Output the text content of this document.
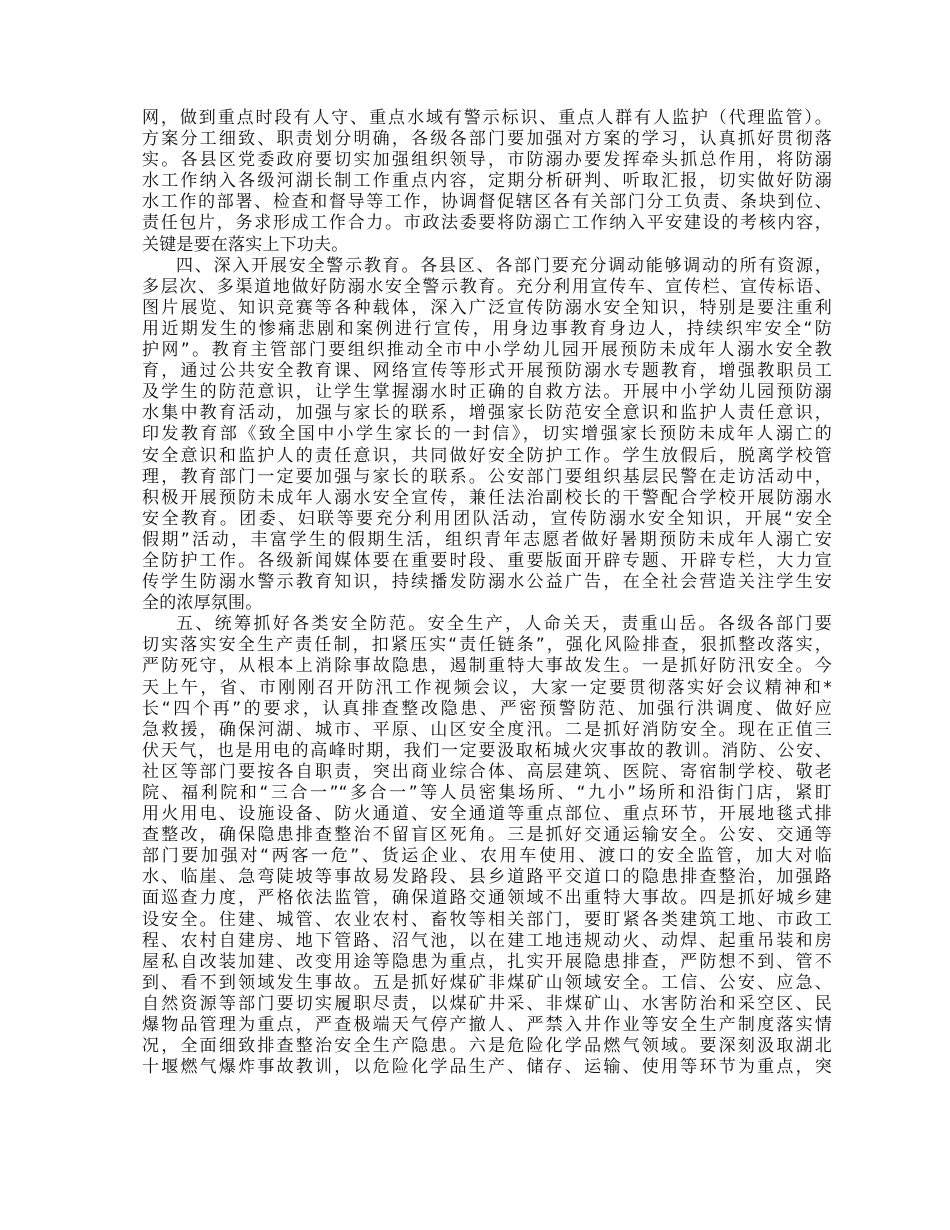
网，做到重点时段有人守、重点水域有警示标识、重点人群有人监护（代理监管）。
方案分工细致、职责划分明确，各级各部门要加强对方案的学习，认真抓好贯彻落
实。各县区党委政府要切实加强组织领导，市防溺办要发挥牵头抓总作用，将防溺
水工作纳入各级河湖长制工作重点内容，定期分析研判、听取汇报，切实做好防溺
水工作的部署、检查和督导等工作，协调督促辖区各有关部门分工负责、条块到位、
责任包片，务求形成工作合力。市政法委要将防溺亡工作纳入平安建设的考核内容，
关键是要在落实上下功夫。
四、深入开展安全警示教育。各县区、各部门要充分调动能够调动的所有资源，
多层次、多渠道地做好防溺水安全警示教育。充分利用宣传车、宣传栏、宣传标语、
图片展览、知识竞赛等各种载体，深入广泛宣传防溺水安全知识，特别是要注重利
用近期发生的惨痛悲剧和案例进行宣传，用身边事教育身边人，持续织牢安全“防
护网”。教育主管部门要组织推动全市中小学幼儿园开展预防未成年人溺水安全教
育，通过公共安全教育课、网络宣传等形式开展预防溺水专题教育，增强教职员工
及学生的防范意识，让学生掌握溺水时正确的自救方法。开展中小学幼儿园预防溺
水集中教育活动，加强与家长的联系，增强家长防范安全意识和监护人责任意识，
印发教育部《致全国中小学生家长的一封信》，切实增强家长预防未成年人溺亡的
安全意识和监护人的责任意识，共同做好安全防护工作。学生放假后，脱离学校管
理，教育部门一定要加强与家长的联系。公安部门要组织基层民警在走访活动中，
积极开展预防未成年人溺水安全宣传，兼任法治副校长的干警配合学校开展防溺水
安全教育。团委、妇联等要充分利用团队活动，宣传防溺水安全知识，开展“安全
假期”活动，丰富学生的假期生活，组织青年志愿者做好暑期预防未成年人溺亡安
全防护工作。各级新闻媒体要在重要时段、重要版面开辟专题、开辟专栏，大力宣
传学生防溺水警示教育知识，持续播发防溺水公益广告，在全社会营造关注学生安
全的浓厚氛围。
五、统筹抓好各类安全防范。安全生产，人命关天，责重山岳。各级各部门要
切实落实安全生产责任制，扣紧压实“责任链条”，强化风险排查，狠抓整改落实，
严防死守，从根本上消除事故隐患，遏制重特大事故发生。一是抓好防汛安全。今
天上午，省、市刚刚召开防汛工作视频会议，大家一定要贯彻落实好会议精神和*
长“四个再”的要求，认真排查整改隐患、严密预警防范、加强行洪调度、做好应
急救援，确保河湖、城市、平原、山区安全度汛。二是抓好消防安全。现在正值三
伏天气，也是用电的高峰时期，我们一定要汲取柘城火灾事故的教训。消防、公安、
社区等部门要按各自职责，突出商业综合体、高层建筑、医院、寄宿制学校、敬老
院、福利院和“三合一”“多合一”等人员密集场所、“九小”场所和沿街门店，紧盯
用火用电、设施设备、防火通道、安全通道等重点部位、重点环节，开展地毯式排
查整改，确保隐患排查整治不留盲区死角。三是抓好交通运输安全。公安、交通等
部门要加强对“两客一危”、货运企业、农用车使用、渡口的安全监管，加大对临
水、临崖、急弯陡坡等事故易发路段、县乡道路平交道口的隐患排查整治，加强路
面巡查力度，严格依法监管，确保道路交通领域不出重特大事故。四是抓好城乡建
设安全。住建、城管、农业农村、畜牧等相关部门，要盯紧各类建筑工地、市政工
程、农村自建房、地下管路、沼气池，以在建工地违规动火、动焊、起重吊装和房
屋私自改装加建、改变用途等隐患为重点，扎实开展隐患排查，严防想不到、管不
到、看不到领域发生事故。五是抓好煤矿非煤矿山领域安全。工信、公安、应急、
自然资源等部门要切实履职尽责，以煤矿井采、非煤矿山、水害防治和采空区、民
爆物品管理为重点，严查极端天气停产撤人、严禁入井作业等安全生产制度落实情
况，全面细致排查整治安全生产隐患。六是危险化学品燃气领域。要深刻汲取湖北
十堰燃气爆炸事故教训，以危险化学品生产、储存、运输、使用等环节为重点，突
